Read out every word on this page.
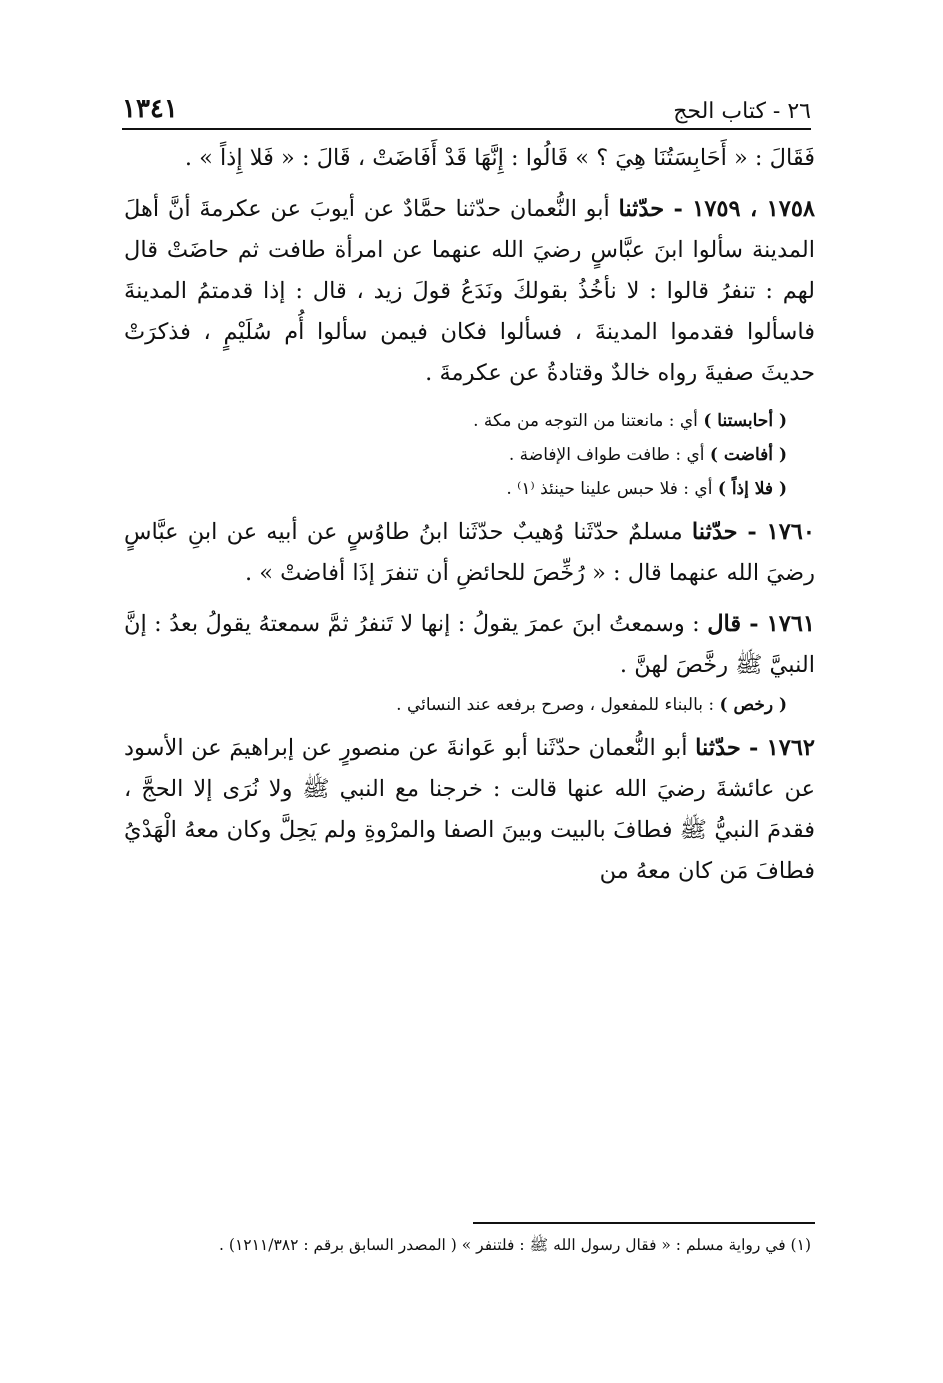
٢٦ - كتاب الحج
١٣٤١

فَقَالَ : « أَحَابِسَتُنَا هِيَ ؟ » قَالُوا : إِنَّهَا قَدْ أَفَاضَتْ ، قَالَ : « فَلا إِذاً » .

١٧٥٨ ، ١٧٥٩ - حدّثنا أبو النُّعمان حدّثنا حمَّادٌ عن أيوبَ عن عكرمةَ أنَّ أهلَ المدينة سألوا ابنَ عبَّاسٍ رضيَ الله عنهما عن امرأة طافت ثم حاضَتْ قال لهم : تنفرُ قالوا : لا نأخُذُ بقولكَ ونَدَعُ قولَ زيد ، قال : إذا قدمتمُ المدينةَ فاسألوا فقدموا المدينةَ ، فسألوا فكان فيمن سألوا أُم سُلَيْمٍ ، فذكرَتْ حديثَ صفيةَ رواه خالدٌ وقتادةُ عن عكرمةَ .

( أحابستنا ) أي : مانعتنا من التوجه من مكة .

( أفاضت ) أي : طافت طواف الإفاضة .

( فلا إذاً ) أي : فلا حبس علينا حينئذ ⁽١⁾ .

١٧٦٠ - حدّثنا مسلمٌ حدّثَنا وُهيبٌ حدّثَنا ابنُ طاوُسٍ عن أبيه عن ابنِ عبَّاسٍ رضيَ الله عنهما قال : « رُخِّصَ للحائضِ أن تنفرَ إذَا أفاضتْ » .

١٧٦١ - قال : وسمعتُ ابنَ عمرَ يقولُ : إنها لا تَنفرُ ثمَّ سمعتهُ يقولُ بعدُ : إنَّ النبيَّ ﷺ رخَّصَ لهنَّ .

( رخص ) : بالبناء للمفعول ، وصرح برفعه عند النسائي .

١٧٦٢ - حدّثنا أبو النُّعمان حدّثَنا أبو عَوانةَ عن منصورٍ عن إبراهيمَ عن الأسود عن عائشةَ رضيَ الله عنها قالت : خرجنا مع النبي ﷺ ولا نُرَى إلا الحجَّ ، فقدمَ النبيُّ ﷺ فطافَ بالبيت وبينَ الصفا والمرْوةِ ولم يَحِلَّ وكان معهُ الْهَدْيُ فطافَ مَن كان معهُ من

(١) في رواية مسلم : « فقال رسول الله ﷺ : فلتنفر » ( المصدر السابق برقم : ١٢١١/٣٨٢) .
